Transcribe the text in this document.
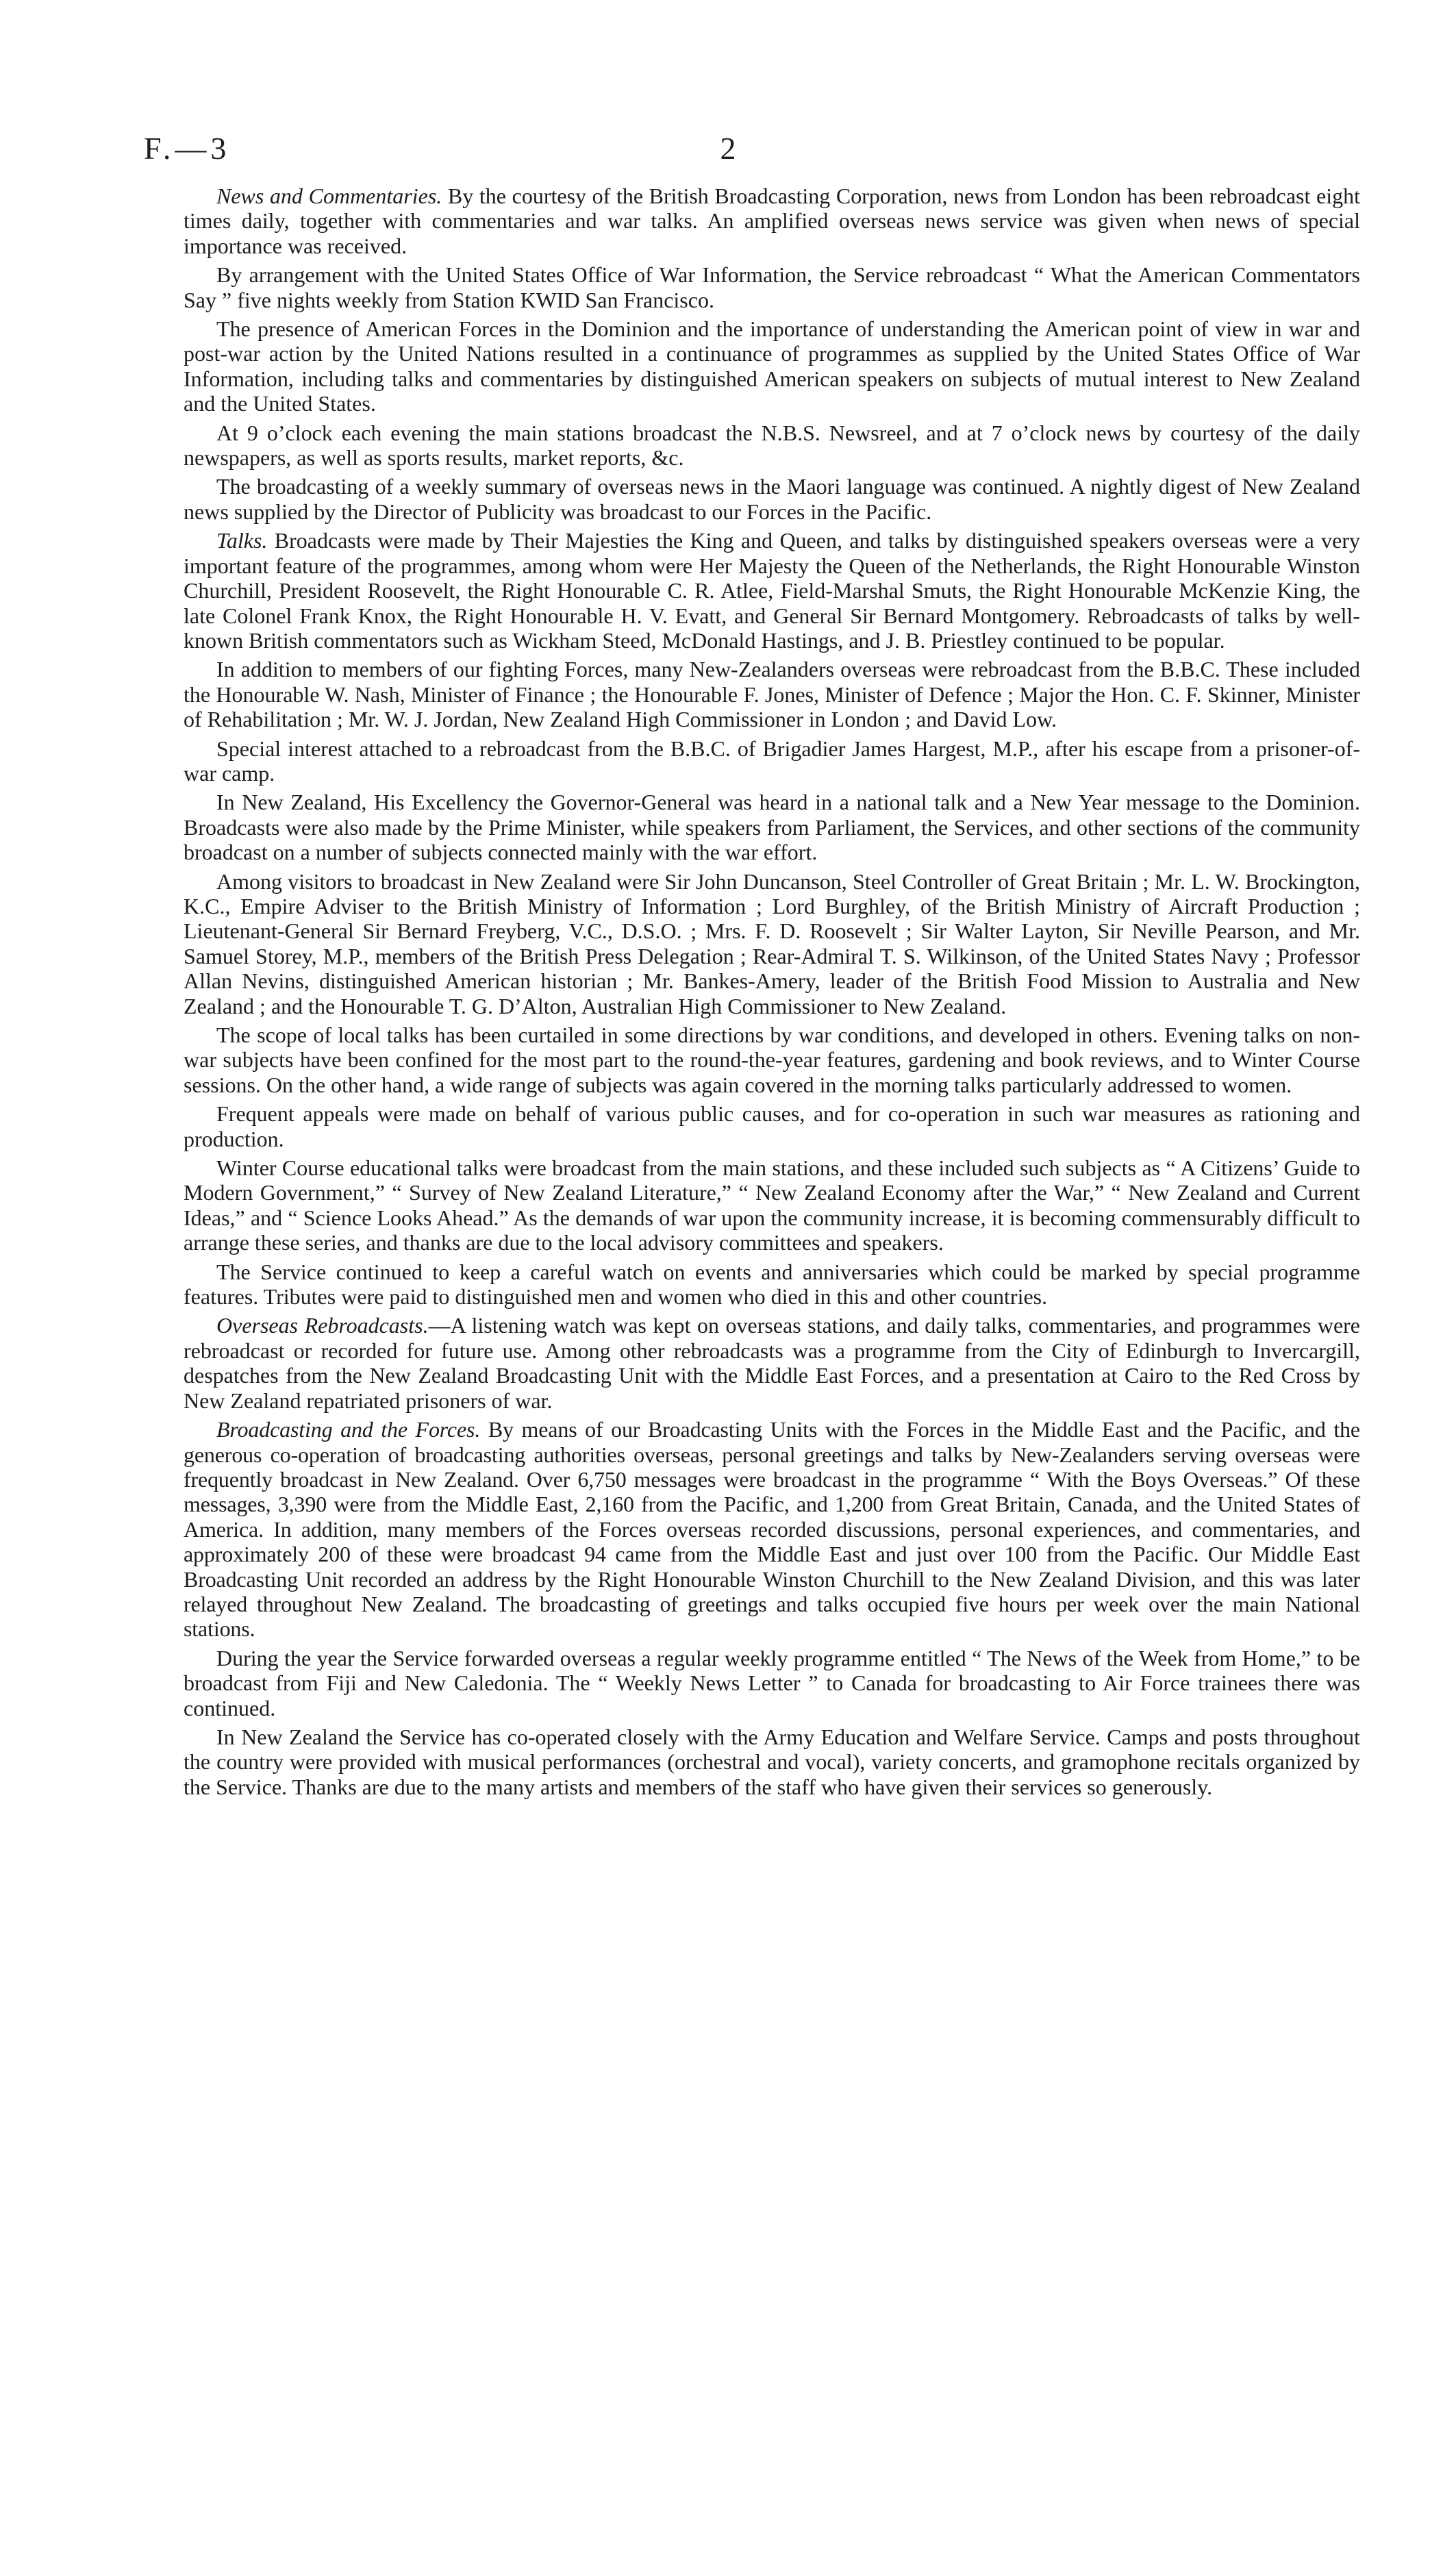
F.—3	2

News and Commentaries. By the courtesy of the British Broadcasting Corporation, news from London has been rebroadcast eight times daily, together with commentaries and war talks. An amplified overseas news service was given when news of special importance was received.

By arrangement with the United States Office of War Information, the Service rebroadcast “ What the American Commentators Say ” five nights weekly from Station KWID San Francisco.

The presence of American Forces in the Dominion and the importance of understanding the American point of view in war and post-war action by the United Nations resulted in a continuance of programmes as supplied by the United States Office of War Information, including talks and commentaries by distinguished American speakers on subjects of mutual interest to New Zealand and the United States.

At 9 o’clock each evening the main stations broadcast the N.B.S. Newsreel, and at 7 o’clock news by courtesy of the daily newspapers, as well as sports results, market reports, &c.

The broadcasting of a weekly summary of overseas news in the Maori language was continued. A nightly digest of New Zealand news supplied by the Director of Publicity was broadcast to our Forces in the Pacific.

Talks. Broadcasts were made by Their Majesties the King and Queen, and talks by distinguished speakers overseas were a very important feature of the programmes, among whom were Her Majesty the Queen of the Netherlands, the Right Honourable Winston Churchill, President Roosevelt, the Right Honourable C. R. Atlee, Field-Marshal Smuts, the Right Honourable McKenzie King, the late Colonel Frank Knox, the Right Honourable H. V. Evatt, and General Sir Bernard Montgomery. Rebroadcasts of talks by well-known British commentators such as Wickham Steed, McDonald Hastings, and J. B. Priestley continued to be popular.

In addition to members of our fighting Forces, many New-Zealanders overseas were rebroadcast from the B.B.C. These included the Honourable W. Nash, Minister of Finance ; the Honourable F. Jones, Minister of Defence ; Major the Hon. C. F. Skinner, Minister of Rehabilitation ; Mr. W. J. Jordan, New Zealand High Commissioner in London ; and David Low.

Special interest attached to a rebroadcast from the B.B.C. of Brigadier James Hargest, M.P., after his escape from a prisoner-of-war camp.

In New Zealand, His Excellency the Governor-General was heard in a national talk and a New Year message to the Dominion. Broadcasts were also made by the Prime Minister, while speakers from Parliament, the Services, and other sections of the community broadcast on a number of subjects connected mainly with the war effort.

Among visitors to broadcast in New Zealand were Sir John Duncanson, Steel Controller of Great Britain ; Mr. L. W. Brockington, K.C., Empire Adviser to the British Ministry of Information ; Lord Burghley, of the British Ministry of Aircraft Production ; Lieutenant-General Sir Bernard Freyberg, V.C., D.S.O. ; Mrs. F. D. Roosevelt ; Sir Walter Layton, Sir Neville Pearson, and Mr. Samuel Storey, M.P., members of the British Press Delegation ; Rear-Admiral T. S. Wilkinson, of the United States Navy ; Professor Allan Nevins, distinguished American historian ; Mr. Bankes-Amery, leader of the British Food Mission to Australia and New Zealand ; and the Honourable T. G. D’Alton, Australian High Commissioner to New Zealand.

The scope of local talks has been curtailed in some directions by war conditions, and developed in others. Evening talks on non-war subjects have been confined for the most part to the round-the-year features, gardening and book reviews, and to Winter Course sessions. On the other hand, a wide range of subjects was again covered in the morning talks particularly addressed to women.

Frequent appeals were made on behalf of various public causes, and for co-operation in such war measures as rationing and production.

Winter Course educational talks were broadcast from the main stations, and these included such subjects as “ A Citizens’ Guide to Modern Government,” “ Survey of New Zealand Literature,” “ New Zealand Economy after the War,” “ New Zealand and Current Ideas,” and “ Science Looks Ahead.” As the demands of war upon the community increase, it is becoming commensurably difficult to arrange these series, and thanks are due to the local advisory committees and speakers.

The Service continued to keep a careful watch on events and anniversaries which could be marked by special programme features. Tributes were paid to distinguished men and women who died in this and other countries.

Overseas Rebroadcasts.—A listening watch was kept on overseas stations, and daily talks, commentaries, and programmes were rebroadcast or recorded for future use. Among other rebroadcasts was a programme from the City of Edinburgh to Invercargill, despatches from the New Zealand Broadcasting Unit with the Middle East Forces, and a presentation at Cairo to the Red Cross by New Zealand repatriated prisoners of war.

Broadcasting and the Forces. By means of our Broadcasting Units with the Forces in the Middle East and the Pacific, and the generous co-operation of broadcasting authorities overseas, personal greetings and talks by New-Zealanders serving overseas were frequently broadcast in New Zealand. Over 6,750 messages were broadcast in the programme “ With the Boys Overseas.” Of these messages, 3,390 were from the Middle East, 2,160 from the Pacific, and 1,200 from Great Britain, Canada, and the United States of America. In addition, many members of the Forces overseas recorded discussions, personal experiences, and commentaries, and approximately 200 of these were broadcast 94 came from the Middle East and just over 100 from the Pacific. Our Middle East Broadcasting Unit recorded an address by the Right Honourable Winston Churchill to the New Zealand Division, and this was later relayed throughout New Zealand. The broadcasting of greetings and talks occupied five hours per week over the main National stations.

During the year the Service forwarded overseas a regular weekly programme entitled “ The News of the Week from Home,” to be broadcast from Fiji and New Caledonia. The “ Weekly News Letter ” to Canada for broadcasting to Air Force trainees there was continued.

In New Zealand the Service has co-operated closely with the Army Education and Welfare Service. Camps and posts throughout the country were provided with musical performances (orchestral and vocal), variety concerts, and gramophone recitals organized by the Service. Thanks are due to the many artists and members of the staff who have given their services so generously.
